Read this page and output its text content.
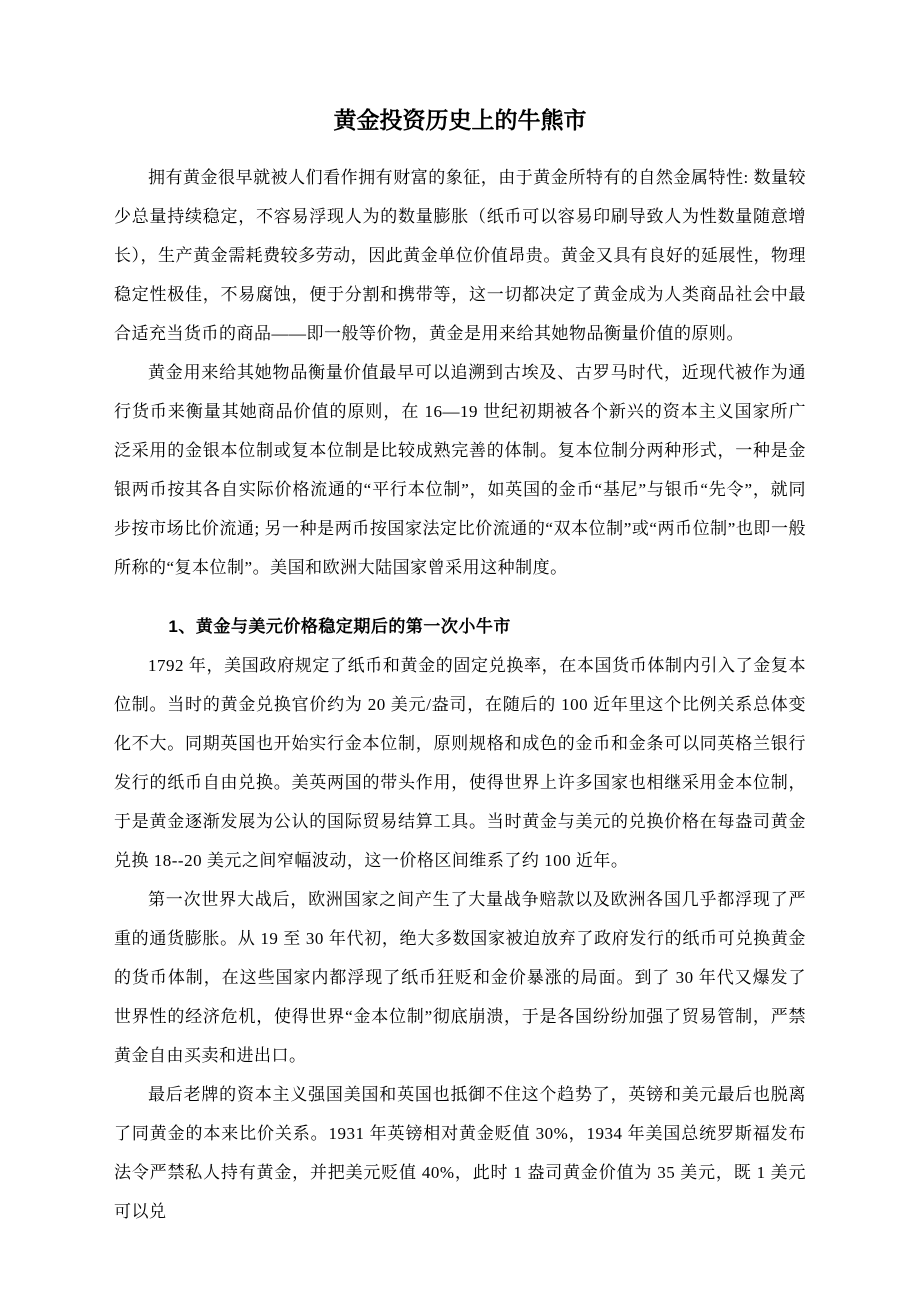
黄金投资历史上的牛熊市

拥有黄金很早就被人们看作拥有财富的象征，由于黄金所特有的自然金属特性: 数量较少总量持续稳定，不容易浮现人为的数量膨胀（纸币可以容易印刷导致人为性数量随意增长），生产黄金需耗费较多劳动，因此黄金单位价值昂贵。黄金又具有良好的延展性，物理稳定性极佳，不易腐蚀，便于分割和携带等，这一切都决定了黄金成为人类商品社会中最合适充当货币的商品——即一般等价物，黄金是用来给其她物品衡量价值的原则。

黄金用来给其她物品衡量价值最早可以追溯到古埃及、古罗马时代，近现代被作为通行货币来衡量其她商品价值的原则，在 16—19 世纪初期被各个新兴的资本主义国家所广泛采用的金银本位制或复本位制是比较成熟完善的体制。复本位制分两种形式，一种是金银两币按其各自实际价格流通的“平行本位制”，如英国的金币“基尼”与银币“先令”，就同步按市场比价流通; 另一种是两币按国家法定比价流通的“双本位制”或“两币位制”也即一般所称的“复本位制”。美国和欧洲大陆国家曾采用这种制度。

1、黄金与美元价格稳定期后的第一次小牛市

1792 年，美国政府规定了纸币和黄金的固定兑换率，在本国货币体制内引入了金复本位制。当时的黄金兑换官价约为 20 美元/盎司，在随后的 100 近年里这个比例关系总体变化不大。同期英国也开始实行金本位制，原则规格和成色的金币和金条可以同英格兰银行发行的纸币自由兑换。美英两国的带头作用，使得世界上许多国家也相继采用金本位制，于是黄金逐渐发展为公认的国际贸易结算工具。当时黄金与美元的兑换价格在每盎司黄金兑换 18--20 美元之间窄幅波动，这一价格区间维系了约 100 近年。

第一次世界大战后，欧洲国家之间产生了大量战争赔款以及欧洲各国几乎都浮现了严重的通货膨胀。从 19 至 30 年代初，绝大多数国家被迫放弃了政府发行的纸币可兑换黄金的货币体制，在这些国家内都浮现了纸币狂贬和金价暴涨的局面。到了 30 年代又爆发了世界性的经济危机，使得世界“金本位制”彻底崩溃，于是各国纷纷加强了贸易管制，严禁黄金自由买卖和进出口。

最后老牌的资本主义强国美国和英国也抵御不住这个趋势了，英镑和美元最后也脱离了同黄金的本来比价关系。1931 年英镑相对黄金贬值 30%，1934 年美国总统罗斯福发布法令严禁私人持有黄金，并把美元贬值 40%，此时 1 盎司黄金价值为 35 美元，既 1 美元可以兑
